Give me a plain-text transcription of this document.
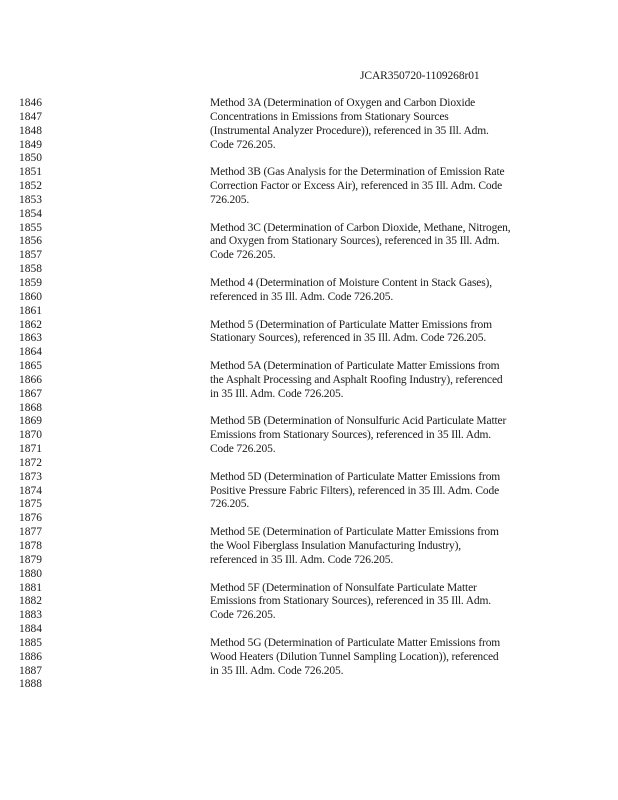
JCAR350720-1109268r01
1846	Method 3A (Determination of Oxygen and Carbon Dioxide
1847	Concentrations in Emissions from Stationary Sources
1848	(Instrumental Analyzer Procedure)), referenced in 35 Ill. Adm.
1849	Code 726.205.
1850
1851	Method 3B (Gas Analysis for the Determination of Emission Rate
1852	Correction Factor or Excess Air), referenced in 35 Ill. Adm. Code
1853	726.205.
1854
1855	Method 3C (Determination of Carbon Dioxide, Methane, Nitrogen,
1856	and Oxygen from Stationary Sources), referenced in 35 Ill. Adm.
1857	Code 726.205.
1858
1859	Method 4 (Determination of Moisture Content in Stack Gases),
1860	referenced in 35 Ill. Adm. Code 726.205.
1861
1862	Method 5 (Determination of Particulate Matter Emissions from
1863	Stationary Sources), referenced in 35 Ill. Adm. Code 726.205.
1864
1865	Method 5A (Determination of Particulate Matter Emissions from
1866	the Asphalt Processing and Asphalt Roofing Industry), referenced
1867	in 35 Ill. Adm. Code 726.205.
1868
1869	Method 5B (Determination of Nonsulfuric Acid Particulate Matter
1870	Emissions from Stationary Sources), referenced in 35 Ill. Adm.
1871	Code 726.205.
1872
1873	Method 5D (Determination of Particulate Matter Emissions from
1874	Positive Pressure Fabric Filters), referenced in 35 Ill. Adm. Code
1875	726.205.
1876
1877	Method 5E (Determination of Particulate Matter Emissions from
1878	the Wool Fiberglass Insulation Manufacturing Industry),
1879	referenced in 35 Ill. Adm. Code 726.205.
1880
1881	Method 5F (Determination of Nonsulfate Particulate Matter
1882	Emissions from Stationary Sources), referenced in 35 Ill. Adm.
1883	Code 726.205.
1884
1885	Method 5G (Determination of Particulate Matter Emissions from
1886	Wood Heaters (Dilution Tunnel Sampling Location)), referenced
1887	in 35 Ill. Adm. Code 726.205.
1888
